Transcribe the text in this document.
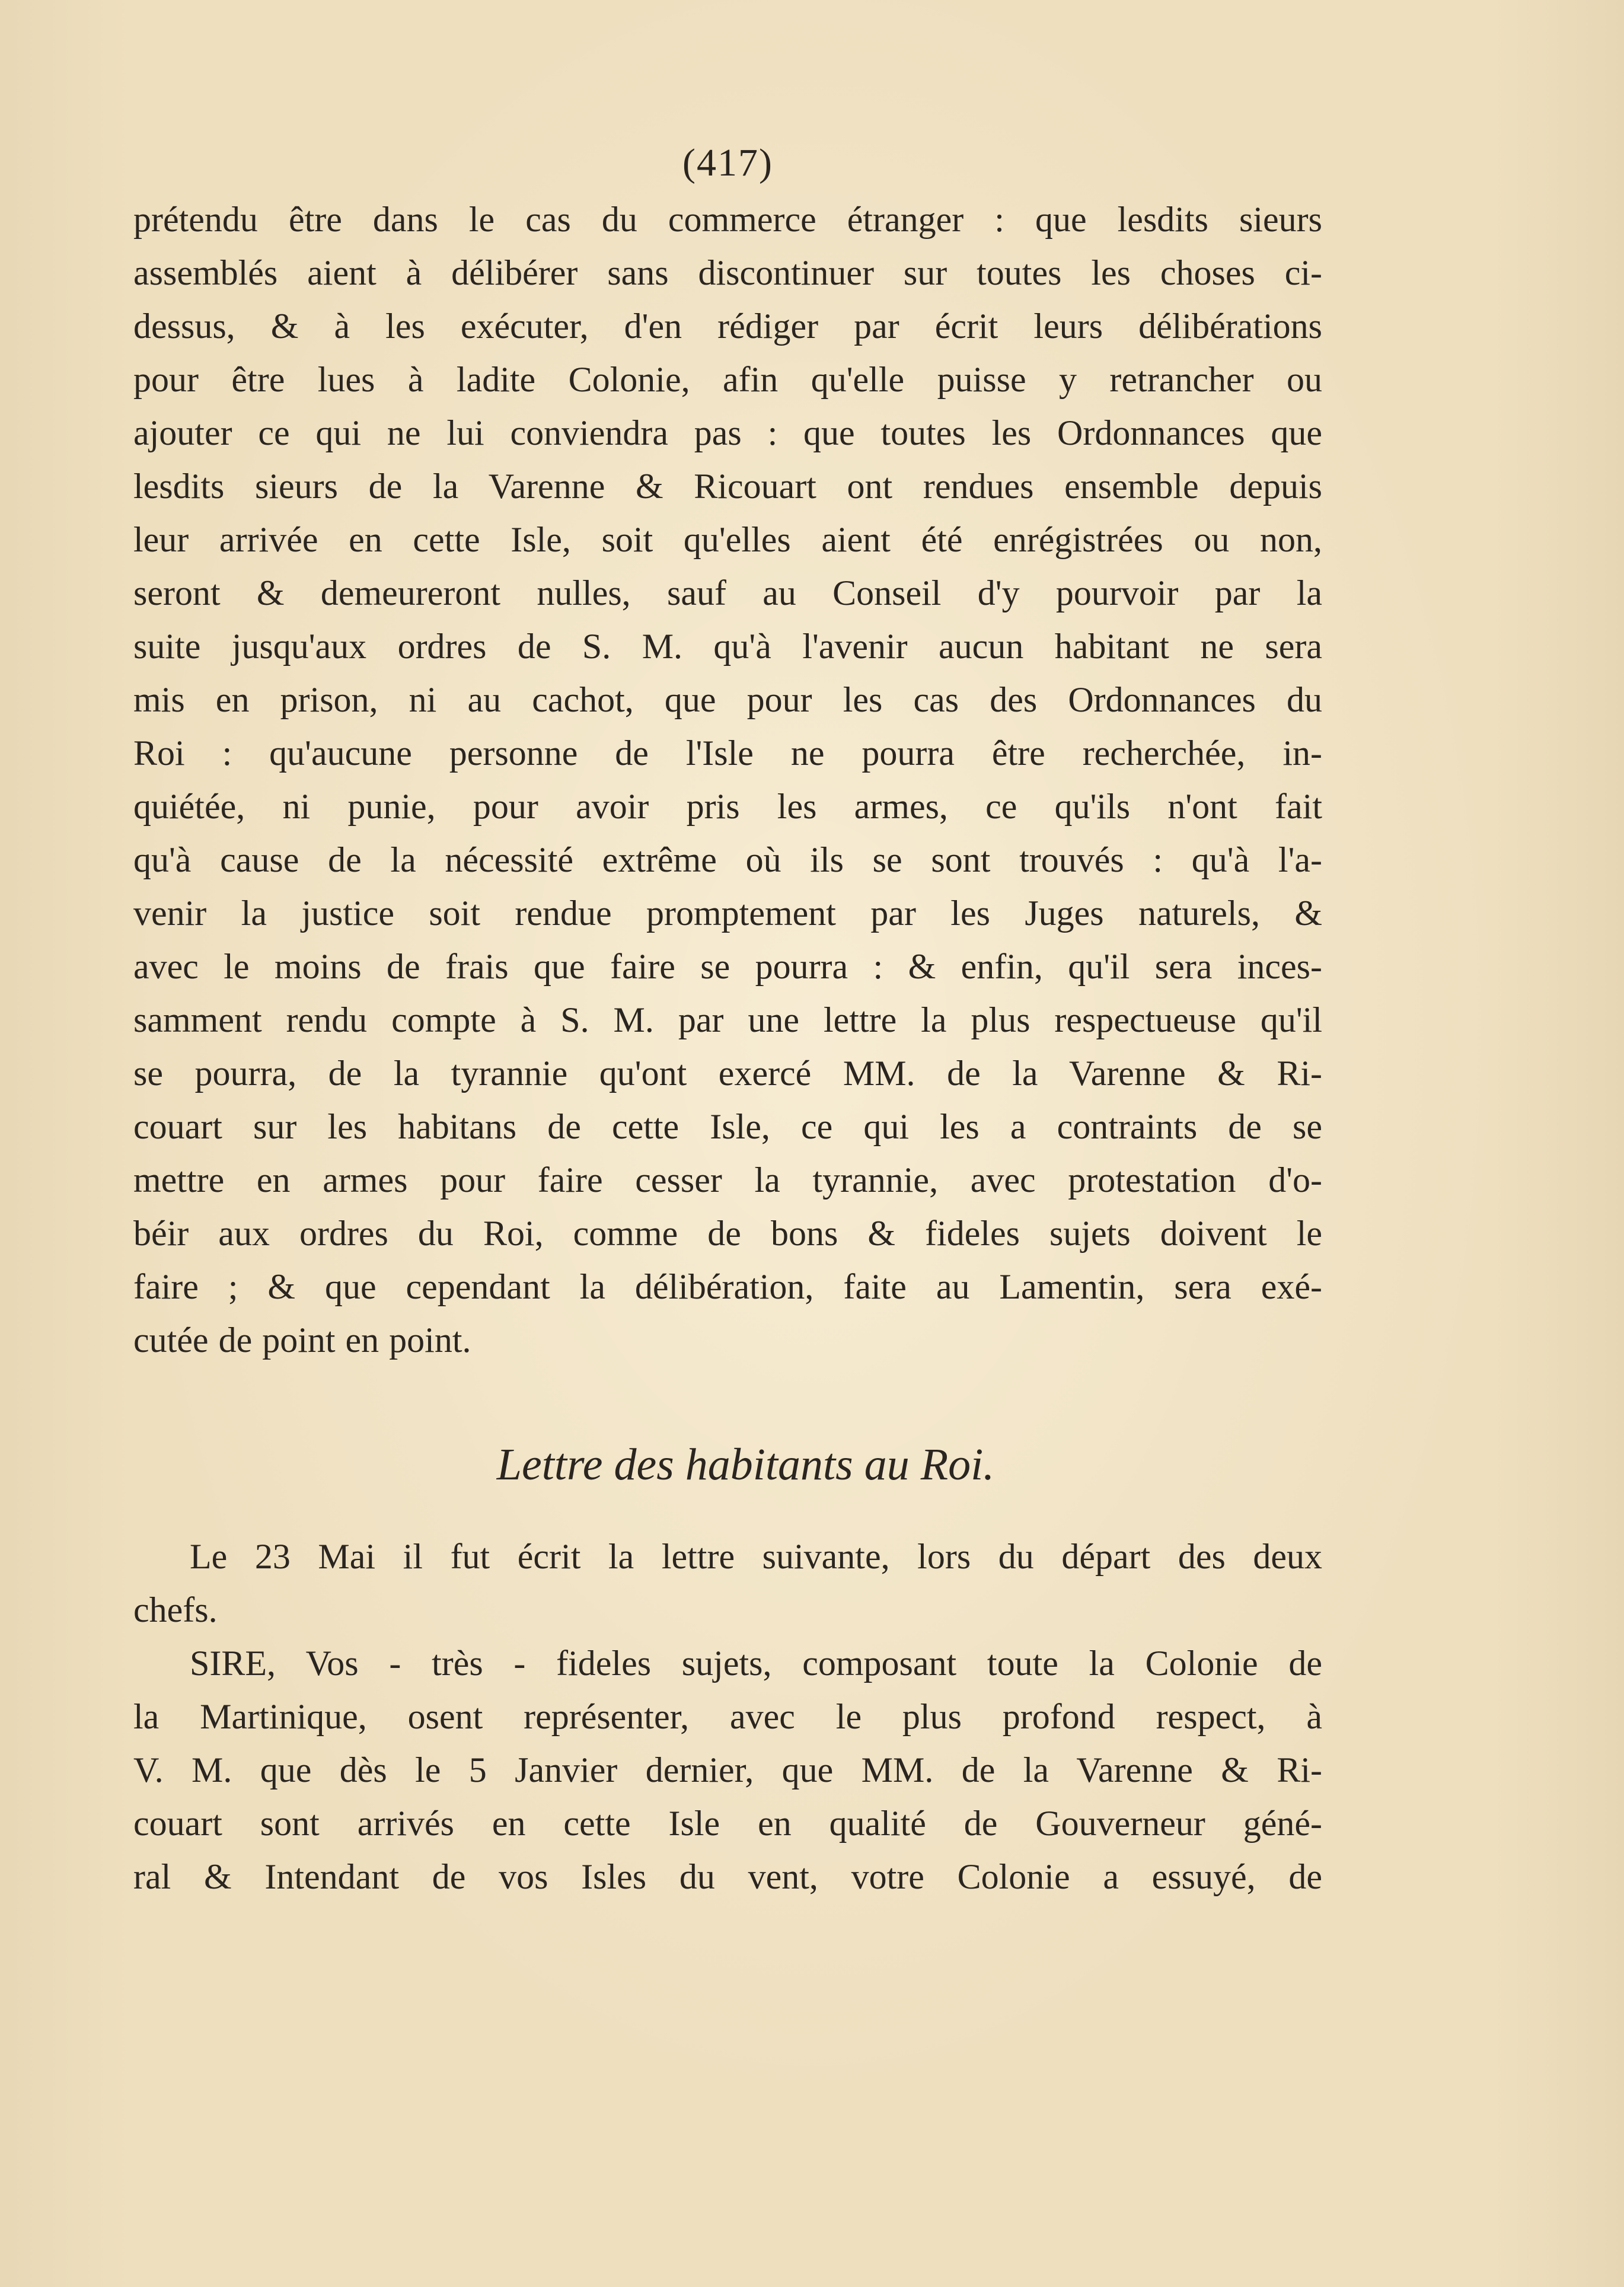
(417)
prétendu être dans le cas du commerce étranger : que lesdits sieurs
assemblés aient à délibérer sans discontinuer sur toutes les choses ci-
dessus, & à les exécuter, d'en rédiger par écrit leurs délibérations
pour être lues à ladite Colonie, afin qu'elle puisse y retrancher ou
ajouter ce qui ne lui conviendra pas : que toutes les Ordonnances que
lesdits sieurs de la Varenne & Ricouart ont rendues ensemble depuis
leur arrivée en cette Isle, soit qu'elles aient été enrégistrées ou non,
seront & demeureront nulles, sauf au Conseil d'y pourvoir par la
suite jusqu'aux ordres de S. M. qu'à l'avenir aucun habitant ne sera
mis en prison, ni au cachot, que pour les cas des Ordonnances du
Roi : qu'aucune personne de l'Isle ne pourra être recherchée, in-
quiétée, ni punie, pour avoir pris les armes, ce qu'ils n'ont fait
qu'à cause de la nécessité extrême où ils se sont trouvés : qu'à l'a-
venir la justice soit rendue promptement par les Juges naturels, &
avec le moins de frais que faire se pourra : & enfin, qu'il sera inces-
samment rendu compte à S. M. par une lettre la plus respectueuse qu'il
se pourra, de la tyrannie qu'ont exercé MM. de la Varenne & Ri-
couart sur les habitans de cette Isle, ce qui les a contraints de se
mettre en armes pour faire cesser la tyrannie, avec protestation d'o-
béir aux ordres du Roi, comme de bons & fideles sujets doivent le
faire ; & que cependant la délibération, faite au Lamentin, sera exé-
cutée de point en point.
Lettre des habitants au Roi.
Le 23 Mai il fut écrit la lettre suivante, lors du départ des deux
chefs.
SIRE, Vos - très - fideles sujets, composant toute la Colonie de
la Martinique, osent représenter, avec le plus profond respect, à
V. M. que dès le 5 Janvier dernier, que MM. de la Varenne & Ri-
couart sont arrivés en cette Isle en qualité de Gouverneur géné-
ral & Intendant de vos Isles du vent, votre Colonie a essuyé, de
